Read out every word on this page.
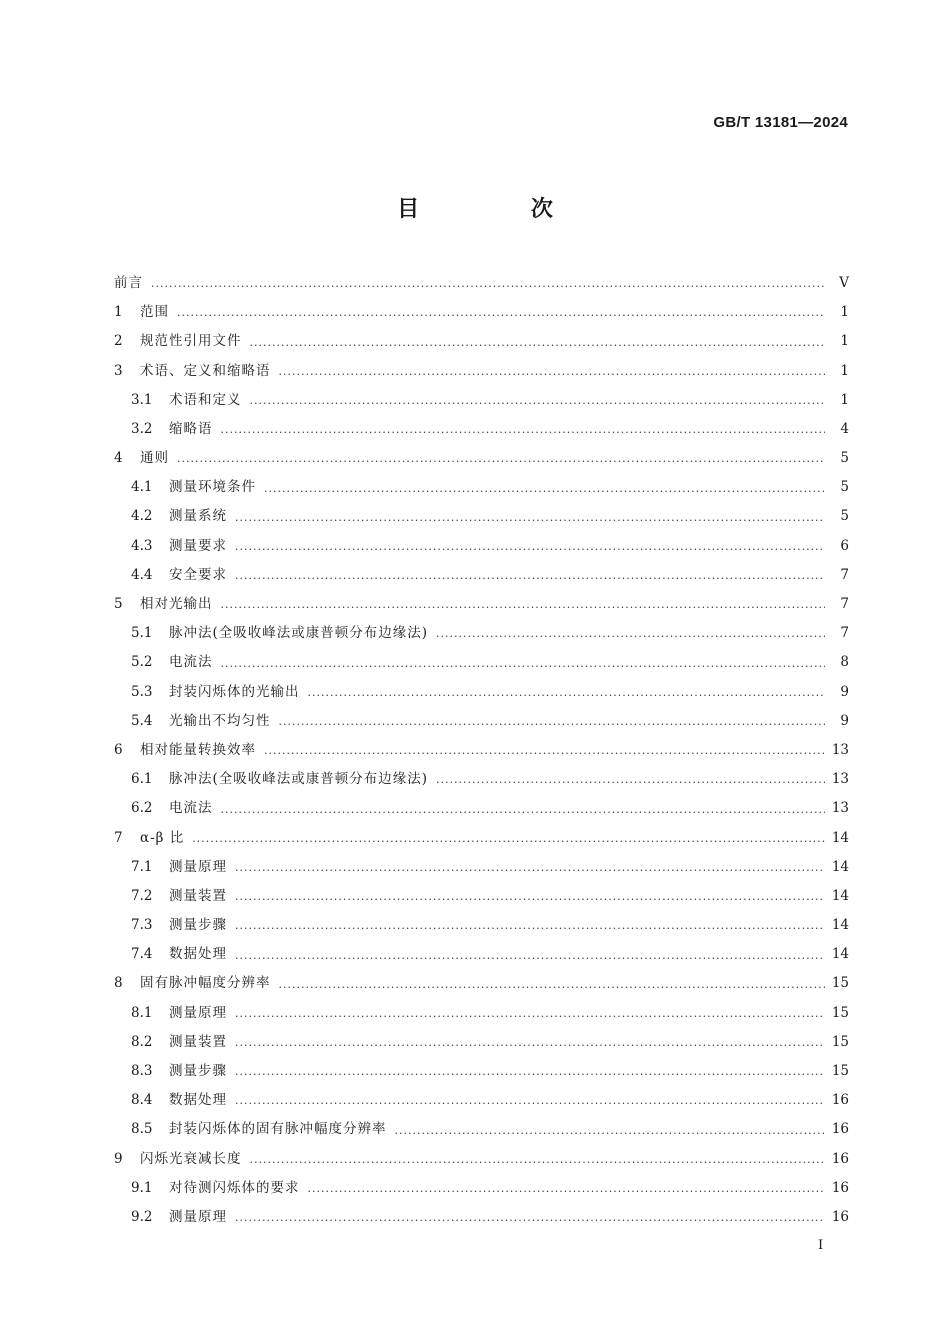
GB/T 13181—2024
目 次
前言 ·····	V
1	范围 ·····	1
2	规范性引用文件 ·····	1
3	术语、定义和缩略语 ·····	1
3.1	术语和定义 ·····	1
3.2	缩略语 ·····	4
4	通则 ·····	5
4.1	测量环境条件 ·····	5
4.2	测量系统 ·····	5
4.3	测量要求 ·····	6
4.4	安全要求 ·····	7
5	相对光输出 ·····	7
5.1	脉冲法(全吸收峰法或康普顿分布边缘法) ·····	7
5.2	电流法 ·····	8
5.3	封装闪烁体的光输出 ·····	9
5.4	光输出不均匀性 ·····	9
6	相对能量转换效率 ·····	13
6.1	脉冲法(全吸收峰法或康普顿分布边缘法) ·····	13
6.2	电流法 ·····	13
7	α-β 比 ·····	14
7.1	测量原理 ·····	14
7.2	测量装置 ·····	14
7.3	测量步骤 ·····	14
7.4	数据处理 ·····	14
8	固有脉冲幅度分辨率 ·····	15
8.1	测量原理 ·····	15
8.2	测量装置 ·····	15
8.3	测量步骤 ·····	15
8.4	数据处理 ·····	16
8.5	封装闪烁体的固有脉冲幅度分辨率 ·····	16
9	闪烁光衰减长度 ·····	16
9.1	对待测闪烁体的要求 ·····	16
9.2	测量原理 ·····	16
I
